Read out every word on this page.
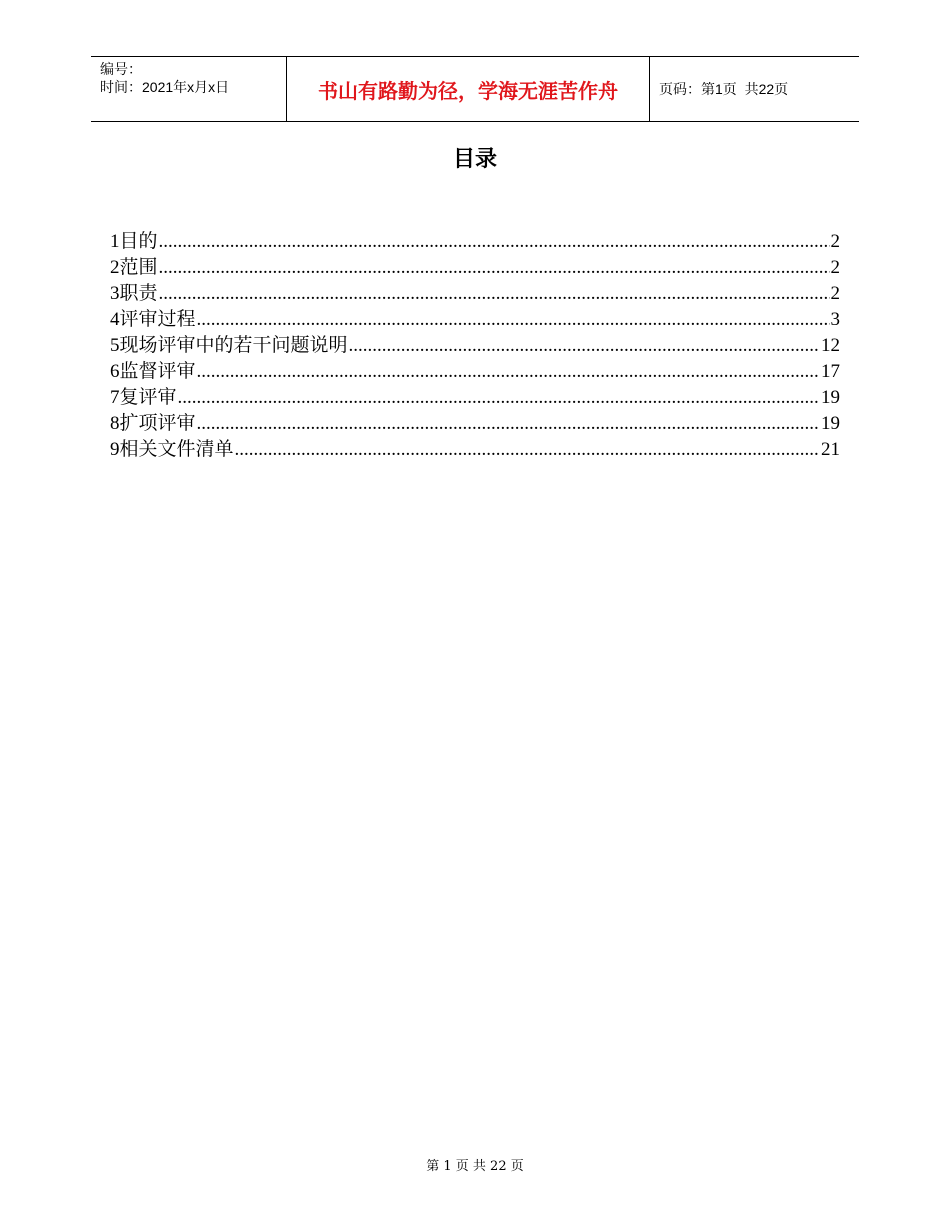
编号：
时间：2021年x月x日	书山有路勤为径，学海无涯苦作舟	页码：第1页  共22页
目录
1 目的 .....	2
2 范围 .....	2
3 职责 .....	2
4 评审过程 .....	3
5 现场评审中的若干问题说明 .....	12
6 监督评审 .....	17
7 复评审 .....	19
8 扩项评审 .....	19
9 相关文件清单 .....	21
第 1 页 共 22 页
